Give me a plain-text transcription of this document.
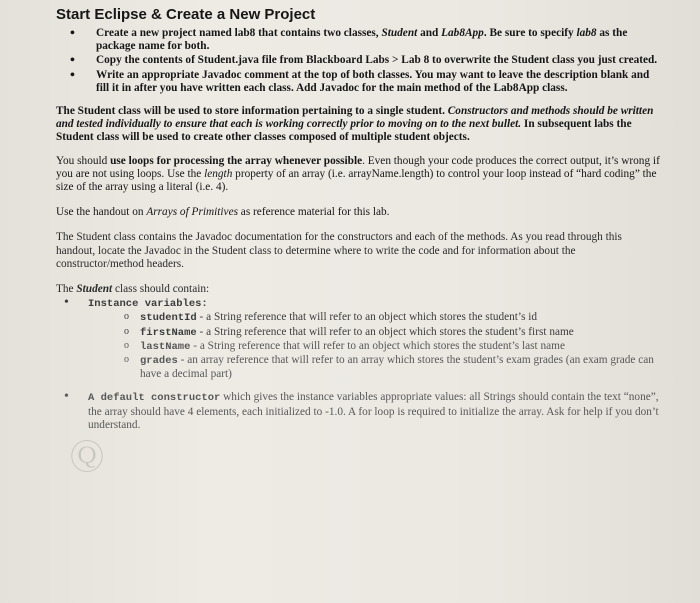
Start Eclipse & Create a New Project
• Create a new project named lab8 that contains two classes, Student and Lab8App. Be sure to specify lab8 as the package name for both.
• Copy the contents of Student.java file from Blackboard Labs > Lab 8 to overwrite the Student class you just created.
• Write an appropriate Javadoc comment at the top of both classes. You may want to leave the description blank and fill it in after you have written each class. Add Javadoc for the main method of the Lab8App class.

The Student class will be used to store information pertaining to a single student. Constructors and methods should be written and tested individually to ensure that each is working correctly prior to moving on to the next bullet. In subsequent labs the Student class will be used to create other classes composed of multiple student objects.

You should use loops for processing the array whenever possible. Even though your code produces the correct output, it’s wrong if you are not using loops. Use the length property of an array (i.e. arrayName.length) to control your loop instead of “hard coding” the size of the array using a literal (i.e. 4).

Use the handout on Arrays of Primitives as reference material for this lab.

The Student class contains the Javadoc documentation for the constructors and each of the methods. As you read through this handout, locate the Javadoc in the Student class to determine where to write the code and for information about the constructor/method headers.

The Student class should contain:
• Instance variables:
o studentId - a String reference that will refer to an object which stores the student’s id
o firstName - a String reference that will refer to an object which stores the student’s first name
o lastName - a String reference that will refer to an object which stores the student’s last name
o grades - an array reference that will refer to an array which stores the student’s exam grades (an exam grade can have a decimal part)
• A default constructor which gives the instance variables appropriate values: all Strings should contain the text “none”, the array should have 4 elements, each initialized to -1.0. A for loop is required to initialize the array. Ask for help if you don’t understand.
Ⓠ
